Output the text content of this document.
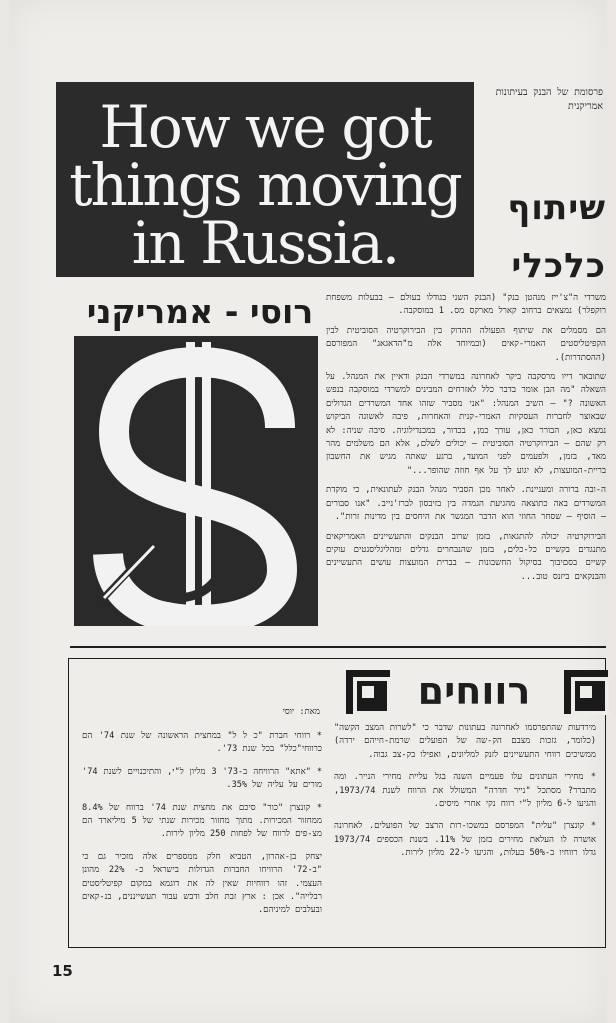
How we got
things moving
in Russia.
פרסומת של הבנק בעיתונות אמריקנית
שיתוף
כלכלי
רוסי - אמריקני	משרדי ה"צ'ייז מנהטן בנק" (הבנק השני בגודלו בעולם – בבעלות משפחת רוקפלר) נמצאים ברחוב קארל מארקס מס. 1 במוסקבה.

הם מסמלים את שיתוף הפעולה ההדוק בין הבירוקרטיה הסוביטית לבין הקפיטליסטים האמרי-קאים (ובמיוחד אלה מ"הדאגאג" המפורסם (ההסתדרות).

שתובאר דייו מרסקבה ביקר לאחרונה במשרדי הבנק ודאיין את המנהל. על השאלה "מה הבן אומר בדבר כלל לאזרחים המבינים למשרדי במוסקבה בנפש האשונה ?" – השיב המנהל: "אני מסביר שזהו אחד המשרדים הגדולים שבאוצר לחברות העסקיות האמרי-קנית והאחרות, פיבה לאשונה הביקוש נמצא כאן, הבורר כאן, עורך כמן, בכדור, במכנדילוגיה. סיבה שניה: לא רק שהם – הבירוקרטיה הסוביטית – יכולים לשלם, אלא הם משלמים מהר מאד, בזמן, ולפעמים לפני המועד, ברגע שאתה מגיש את החשבון בריית-המועצות, לא יגוע לך על אף חוזה שהופר..."

ה-ובה ברורה ומעניינת. לאחר מכן הסביר מנהל הבנק לעתונאית, כי מוקדת המשרדים באה כתוצאה מהגיעת הגמדה בין בזיבסון לברז'נייב. "אנו סבורים – הוסיף – שסחר החוזי הוא הדבר המגשר את היחסים בין מדינות זרות".

הבירוקרטיה יכולה להתגאות, בזמן שרוב הבנקים והתעשיינים האמריקאים מתנגדים בקשיים כל-כלים, בזמן שהנבחרים גדלים ומהליגליסנטים עוקים קשיים בסםיבוך בסיקול החשבונות – בברית המועצות עושים התעשיינים והבנקאים ביזנס טוב...

רווחים
מאת: יוסי

* רווחי חברת "כ ל ל" במחצית הראשונה של שנת 74' הם כרווחי"כלל" בכל שנת 73'.

* "אתא" הרוויחה ב-73' 3 מליון ל"י, והתיכנויים לשנת 74' מורים על עליה של 35%.

* קונצרן "כור" סיכם את מחצית שנת 74' ברווח של 8.4% ממחזור המכירות. מתוך מחזור מכירות שנתי של 5 מיליארד הם מצ-פים לרווח של לפחות 250 מליון לירות.

יצחק בן-אהרון, הטביא חלק ממספרים אלה מזכיר גם כי "ב-72' הרוויחו החברות הגדולות בישראל כ- 22% מהונן העצמי. זהו רווחיות שאין לה את דוגמא במקום קפיטליסטים רבלייה". אכן : ארץ זבת חלב ודבש עבור תעשייננים, בנ-קאים ובעלבים למיניהם.

מירדעות שהתפרסמו לאחרונה בעתונות שדבר כי "לשרות המצב הקשה" (כלומר, גזכות מצבם הק-שה של הפועלים שרמת-חייהם ירדה) ממשיכים רווחי התעשיינים לזנק למליונים, ואפילו בק-צב גבוה.

* מחירי העתונים עלו פעמיים השנה בגל עליית מחירי הנייר. ומה מתברר? מסתכל "נייר חדרה" המשולל את הרווח לשנת 1973/74, והגיעו ל-6 מליון ל"י רווח נקי אחרי מיסים.

* קונצרן "עלית" המפרסם במשכו-רות הרצב של הפועלים. לאחרונה אושרה לו העלאת מחירים בזמן של 11%. בשנת הכספים 1973/74 גדלו רווחיו ב-50% בעלות, והגיעו ל-22 מליון לירות.

15
